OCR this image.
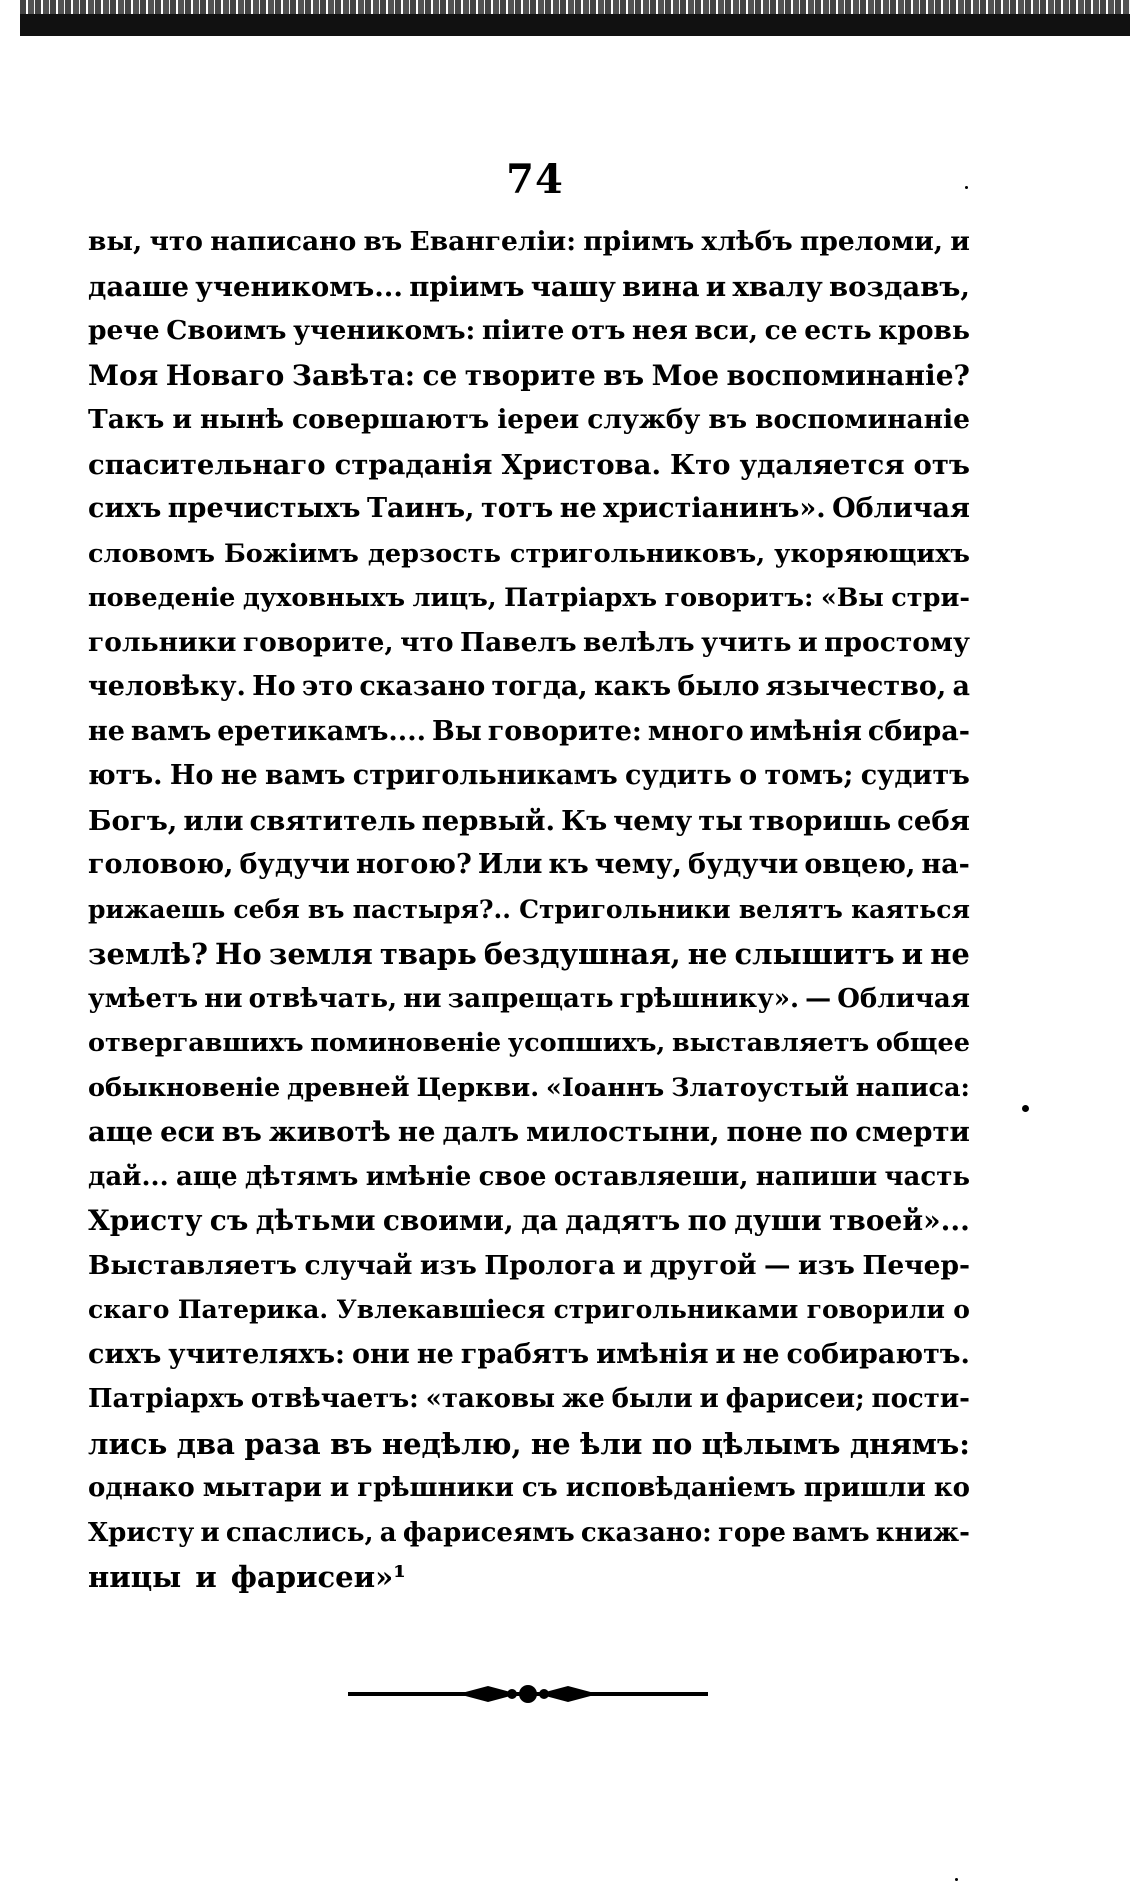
74
вы, что написано въ Евангеліи: пріимъ хлѣбъ преломи, и
дааше ученикомъ... пріимъ чашу вина и хвалу воздавъ,
рече Своимъ ученикомъ: піите отъ нея вси, се есть кровь
Моя Новаго Завѣта: се творите въ Мое воспоминаніе?
Такъ и нынѣ совершаютъ іереи службу въ воспоминаніе
спасительнаго страданія Христова. Кто удаляется отъ
сихъ пречистыхъ Таинъ, тотъ не христіанинъ». Обличая
словомъ Божіимъ дерзость стригольниковъ, укоряющихъ
поведеніе духовныхъ лицъ, Патріархъ говоритъ: «Вы стри-
гольники говорите, что Павелъ велѣлъ учить и простому
человѣку. Но это сказано тогда, какъ было язычество, а
не вамъ еретикамъ.... Вы говорите: много имѣнія сбира-
ютъ. Но не вамъ стригольникамъ судить о томъ; судитъ
Богъ, или святитель первый. Къ чему ты творишь себя
головою, будучи ногою? Или къ чему, будучи овцею, на-
рижаешь себя въ пастыря?.. Стригольники велятъ каяться
землѣ? Но земля тварь бездушная, не слышитъ и не
умѣетъ ни отвѣчать, ни запрещать грѣшнику». — Обличая
отвергавшихъ поминовеніе усопшихъ, выставляетъ общее
обыкновеніе древней Церкви. «Іоаннъ Златоустый написа:
аще еси въ животѣ не далъ милостыни, поне по смерти
дай... аще дѣтямъ имѣніе свое оставляеши, напиши часть
Христу съ дѣтьми своими, да дадятъ по души твоей»...
Выставляетъ случай изъ Пролога и другой — изъ Печер-
скаго Патерика. Увлекавшіеся стригольниками говорили о
сихъ учителяхъ: они не грабятъ имѣнія и не собираютъ.
Патріархъ отвѣчаетъ: «таковы же были и фарисеи; пости-
лись два раза въ недѣлю, не ѣли по цѣлымъ днямъ:
однако мытари и грѣшники съ исповѣданіемъ пришли ко
Христу и спаслись, а фарисеямъ сказано: горе вамъ книж-
ницы и фарисеи»¹
